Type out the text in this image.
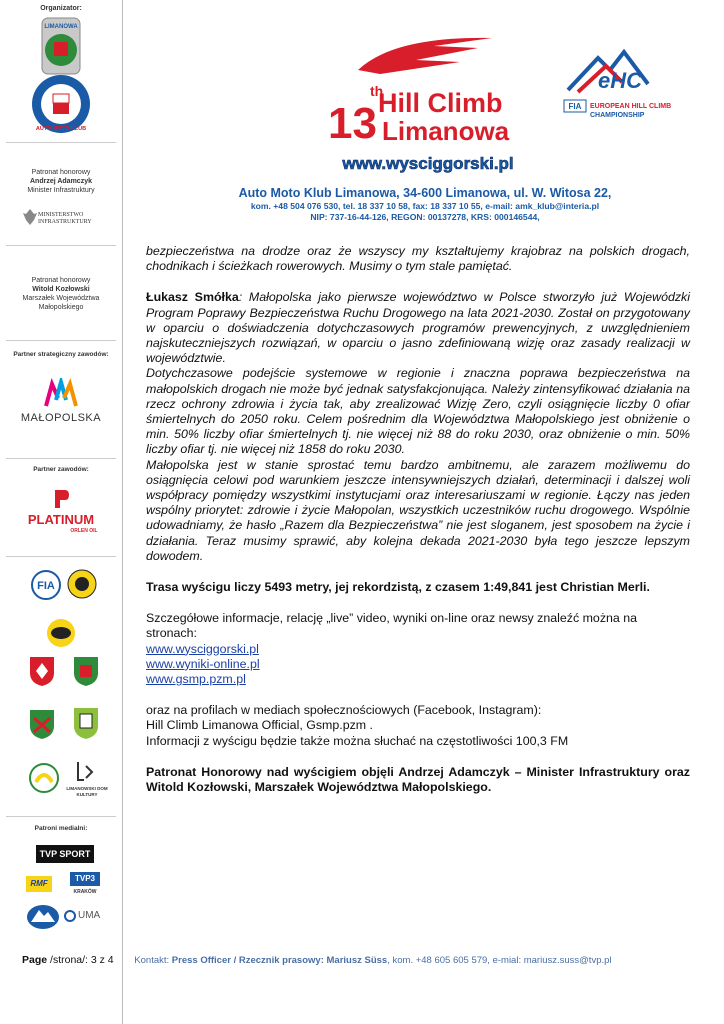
Organizator:
LIMANOWA
AUTO MOTO KLUB
Patronat honorowy
Andrzej Adamczyk
Minister Infrastruktury
MINISTERSTWO INFRASTRUKTURY
Patronat honorowy
Witold Kozłowski
Marszałek Województwa Małopolskiego
Partner strategiczny zawodów:
MAŁOPOLSKA
Partner zawodów:
PLATINUM
ORLEN OIL
FIA
LIMANOWSKI DOM KULTURY
Patroni medialni:
TVP SPORT
RMF
TVP3
KRAKÓW
UMA
13
th
Hill Climb
Limanowa
www.wysciggorski.pl
eHC
FIA EUROPEAN HILL CLIMB
CHAMPIONSHIP
Auto Moto Klub Limanowa, 34-600 Limanowa, ul. W. Witosa 22,
kom. +48 504 076 530, tel. 18 337 10 58, fax: 18 337 10 55, e-mail: amk_klub@interia.pl
NIP: 737-16-44-126, REGON: 00137278, KRS: 000146544,

bezpieczeństwa na drodze oraz że wszyscy my kształtujemy krajobraz na polskich drogach, chodnikach i ścieżkach rowerowych. Musimy o tym stale pamiętać.

Łukasz Smółka: Małopolska jako pierwsze województwo w Polsce stworzyło już Wojewódzki Program Poprawy Bezpieczeństwa Ruchu Drogowego na lata 2021-2030. Został on przygotowany w oparciu o doświadczenia dotychczasowych programów prewencyjnych, z uwzględnieniem najskuteczniejszych rozwiązań, w oparciu o jasno zdefiniowaną wizję oraz zasady realizacji w województwie.

Dotychczasowe podejście systemowe w regionie i znaczna poprawa bezpieczeństwa na małopolskich drogach nie może być jednak satysfakcjonująca. Należy zintensyfikować działania na rzecz ochrony zdrowia i życia tak, aby zrealizować Wizję Zero, czyli osiągnięcie liczby 0 ofiar śmiertelnych do 2050 roku. Celem pośrednim dla Województwa Małopolskiego jest obniżenie o min. 50% liczby ofiar śmiertelnych tj. nie więcej niż 88 do roku 2030, oraz obniżenie o min. 50% liczby ofiar tj. nie więcej niż 1858 do roku 2030.

Małopolska jest w stanie sprostać temu bardzo ambitnemu, ale zarazem możliwemu do osiągnięcia celowi pod warunkiem jeszcze intensywniejszych działań, determinacji i dalszej woli współpracy pomiędzy wszystkimi instytucjami oraz interesariuszami w regionie. Łączy nas jeden wspólny priorytet: zdrowie i życie Małopolan, wszystkich uczestników ruchu drogowego. Wspólnie udowadniamy, że hasło „Razem dla Bezpieczeństwa” nie jest sloganem, jest sposobem na życie i działania. Teraz musimy sprawić, aby kolejna dekada 2021-2030 była tego jeszcze lepszym dowodem.

Trasa wyścigu liczy 5493 metry, jej rekordzistą, z czasem 1:49,841 jest Christian Merli.

Szczegółowe informacje, relację „live” video, wyniki on-line oraz newsy znaleźć można na stronach:

www.wysciggorski.pl
www.wyniki-online.pl
www.gsmp.pzm.pl

oraz na profilach w mediach społecznościowych (Facebook, Instagram):

Hill Climb Limanowa Official, Gsmp.pzm .

Informacji z wyścigu będzie także można słuchać na częstotliwości 100,3 FM

Patronat Honorowy nad wyścigiem objęli Andrzej Adamczyk – Minister Infrastruktury oraz Witold Kozłowski, Marszałek Województwa Małopolskiego.

Page /strona/: 3 z 4 Kontakt: Press Officer / Rzecznik prasowy: Mariusz Süss, kom. +48 605 605 579, e-mial: mariusz.suss@tvp.pl
